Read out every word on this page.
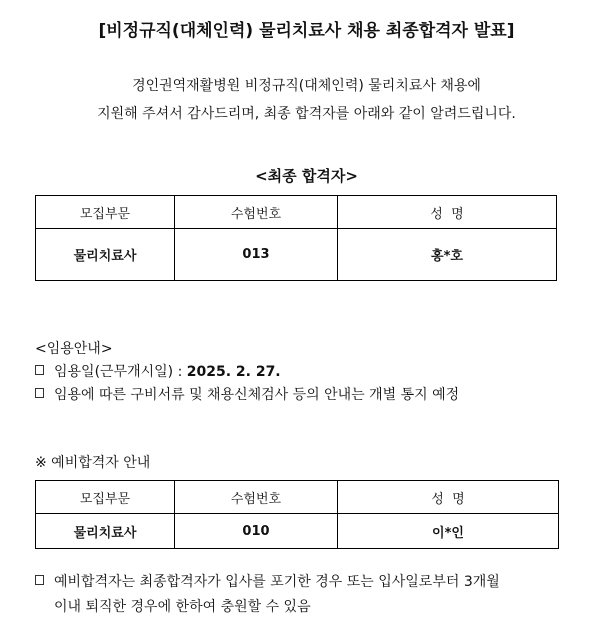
[비정규직(대체인력) 물리치료사 채용 최종합격자 발표]
경인권역재활병원 비정규직(대체인력) 물리치료사 채용에
지원해 주셔서 감사드리며, 최종 합격자를 아래와 같이 알려드립니다.
<최종 합격자>
모집부문	수험번호	성  명
물리치료사	013	홍*호
<임용안내>
임용일(근무개시일) : 2025. 2. 27.
임용에 따른 구비서류 및 채용신체검사 등의 안내는 개별 통지 예정
※ 예비합격자 안내
모집부문	수험번호	성  명
물리치료사	010	이*인
예비합격자는 최종합격자가 입사를 포기한 경우 또는 입사일로부터 3개월
이내 퇴직한 경우에 한하여 충원할 수 있음
